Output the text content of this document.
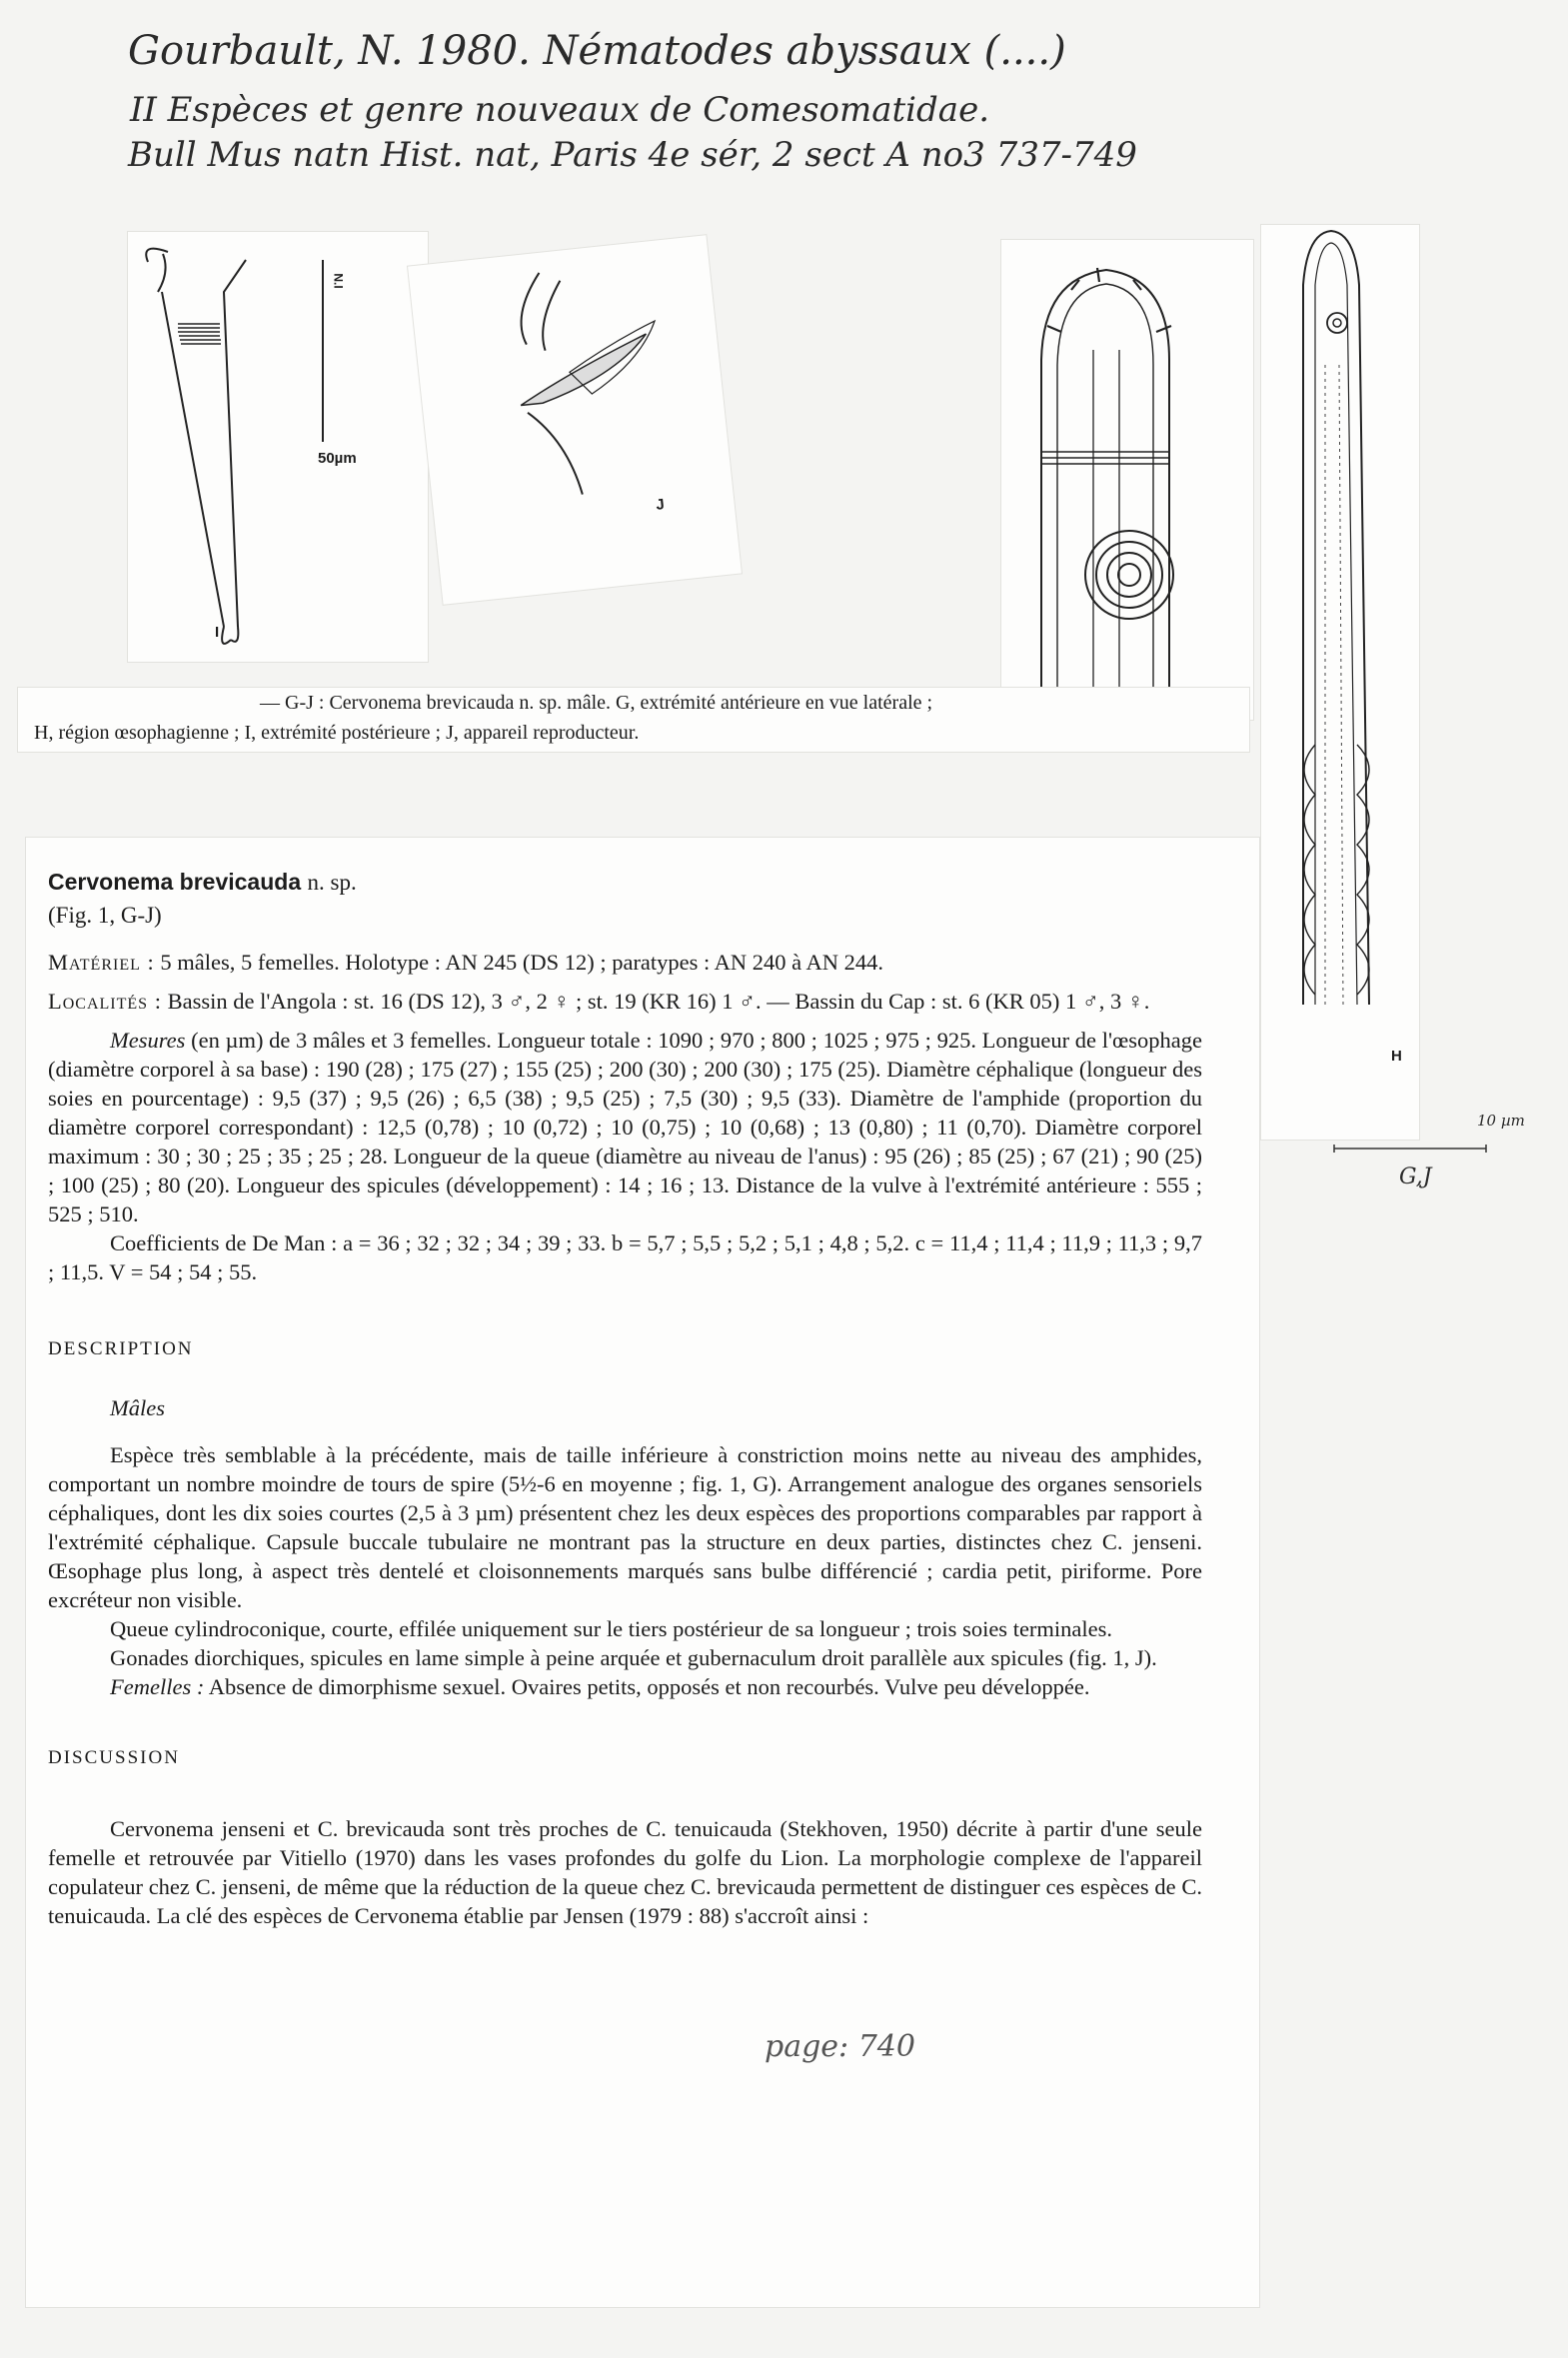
Gourbault, N. 1980. Nématodes abyssaux (....)
II Espèces et genre nouveaux de Comesomatidae.
Bull Mus natn Hist. nat, Paris 4e sér, 2 sect A no3 737-749
N.I
50µm
I
J
H
10 µm
G,J
— G-J : Cervonema brevicauda n. sp. mâle. G, extrémité antérieure en vue latérale ;
H, région œsophagienne ; I, extrémité postérieure ; J, appareil reproducteur.

Cervonema brevicauda n. sp.

(Fig. 1, G-J)

Matériel : 5 mâles, 5 femelles. Holotype : AN 245 (DS 12) ; paratypes : AN 240 à AN 244.

Localités : Bassin de l'Angola : st. 16 (DS 12), 3 ♂, 2 ♀ ; st. 19 (KR 16) 1 ♂. — Bassin du Cap : st. 6 (KR 05) 1 ♂, 3 ♀.

Mesures (en µm) de 3 mâles et 3 femelles. Longueur totale : 1090 ; 970 ; 800 ; 1025 ; 975 ; 925. Longueur de l'œsophage (diamètre corporel à sa base) : 190 (28) ; 175 (27) ; 155 (25) ; 200 (30) ; 200 (30) ; 175 (25). Diamètre céphalique (longueur des soies en pourcentage) : 9,5 (37) ; 9,5 (26) ; 6,5 (38) ; 9,5 (25) ; 7,5 (30) ; 9,5 (33). Diamètre de l'amphide (proportion du diamètre corporel correspondant) : 12,5 (0,78) ; 10 (0,72) ; 10 (0,75) ; 10 (0,68) ; 13 (0,80) ; 11 (0,70). Diamètre corporel maximum : 30 ; 30 ; 25 ; 35 ; 25 ; 28. Longueur de la queue (diamètre au niveau de l'anus) : 95 (26) ; 85 (25) ; 67 (21) ; 90 (25) ; 100 (25) ; 80 (20). Longueur des spicules (développement) : 14 ; 16 ; 13. Distance de la vulve à l'extrémité antérieure : 555 ; 525 ; 510.

Coefficients de De Man : a = 36 ; 32 ; 32 ; 34 ; 39 ; 33. b = 5,7 ; 5,5 ; 5,2 ; 5,1 ; 4,8 ; 5,2. c = 11,4 ; 11,4 ; 11,9 ; 11,3 ; 9,7 ; 11,5. V = 54 ; 54 ; 55.

DESCRIPTION

Mâles

Espèce très semblable à la précédente, mais de taille inférieure à constriction moins nette au niveau des amphides, comportant un nombre moindre de tours de spire (5½-6 en moyenne ; fig. 1, G). Arrangement analogue des organes sensoriels céphaliques, dont les dix soies courtes (2,5 à 3 µm) présentent chez les deux espèces des proportions comparables par rapport à l'extrémité céphalique. Capsule buccale tubulaire ne montrant pas la structure en deux parties, distinctes chez C. jenseni. Œsophage plus long, à aspect très dentelé et cloisonnements marqués sans bulbe différencié ; cardia petit, piriforme. Pore excréteur non visible.

Queue cylindroconique, courte, effilée uniquement sur le tiers postérieur de sa longueur ; trois soies terminales.

Gonades diorchiques, spicules en lame simple à peine arquée et gubernaculum droit parallèle aux spicules (fig. 1, J).

Femelles : Absence de dimorphisme sexuel. Ovaires petits, opposés et non recourbés. Vulve peu développée.

DISCUSSION

Cervonema jenseni et C. brevicauda sont très proches de C. tenuicauda (Stekhoven, 1950) décrite à partir d'une seule femelle et retrouvée par Vitiello (1970) dans les vases profondes du golfe du Lion. La morphologie complexe de l'appareil copulateur chez C. jenseni, de même que la réduction de la queue chez C. brevicauda permettent de distinguer ces espèces de C. tenuicauda. La clé des espèces de Cervonema établie par Jensen (1979 : 88) s'accroît ainsi :

page: 740
